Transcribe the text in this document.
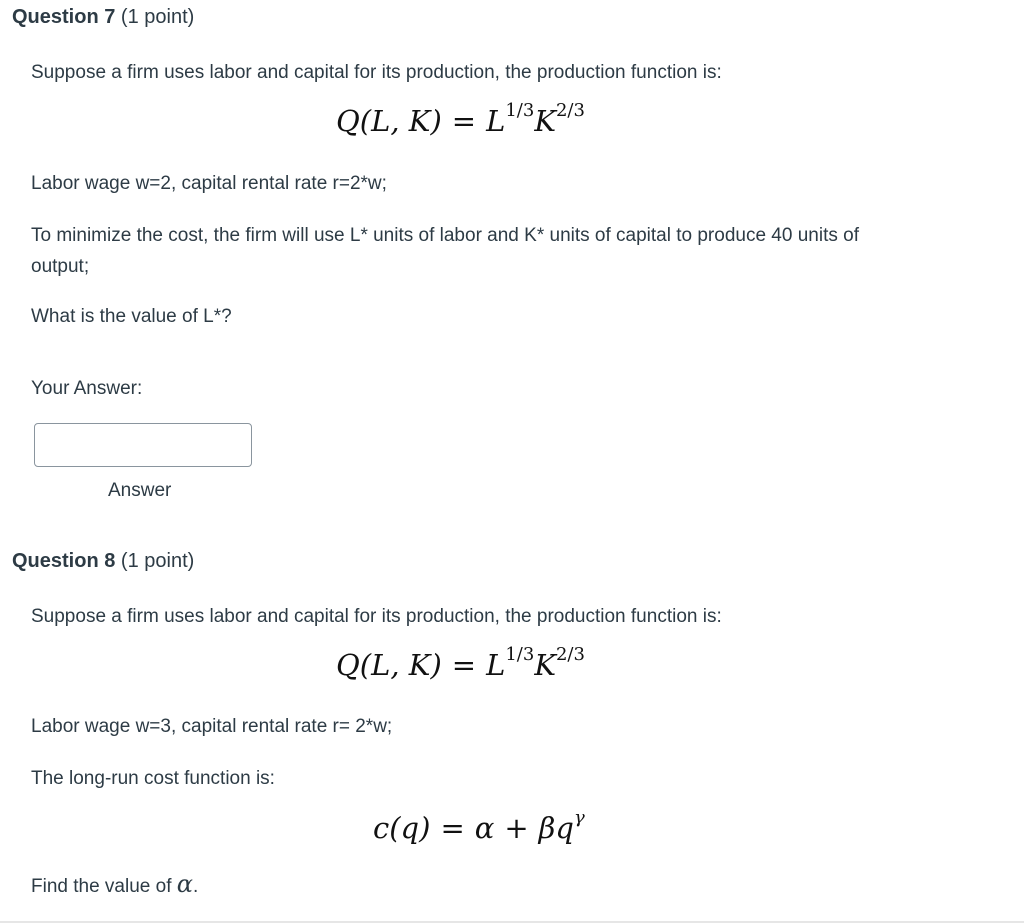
Question 7 (1 point)
Suppose a firm uses labor and capital for its production, the production function is:
Q(L, $K) = L^{1/3}K^{2/3}$
Labor wage w=2, capital rental rate r=2*w;
To minimize the cost, the firm will use L* units of labor and K* units of capital to produce 40 units of output;
What is the value of L*?
Your Answer:
Answer
Question 8 (1 point)
Suppose a firm uses labor and capital for its production, the production function is:
Q(L, $K) = L^{1/3}K^{2/3}$
Labor wage w=3, capital rental rate r= 2*w;
The long-run cost function is:
$c(q) = \alpha + \beta q^\gamma$
Find the value of α.
